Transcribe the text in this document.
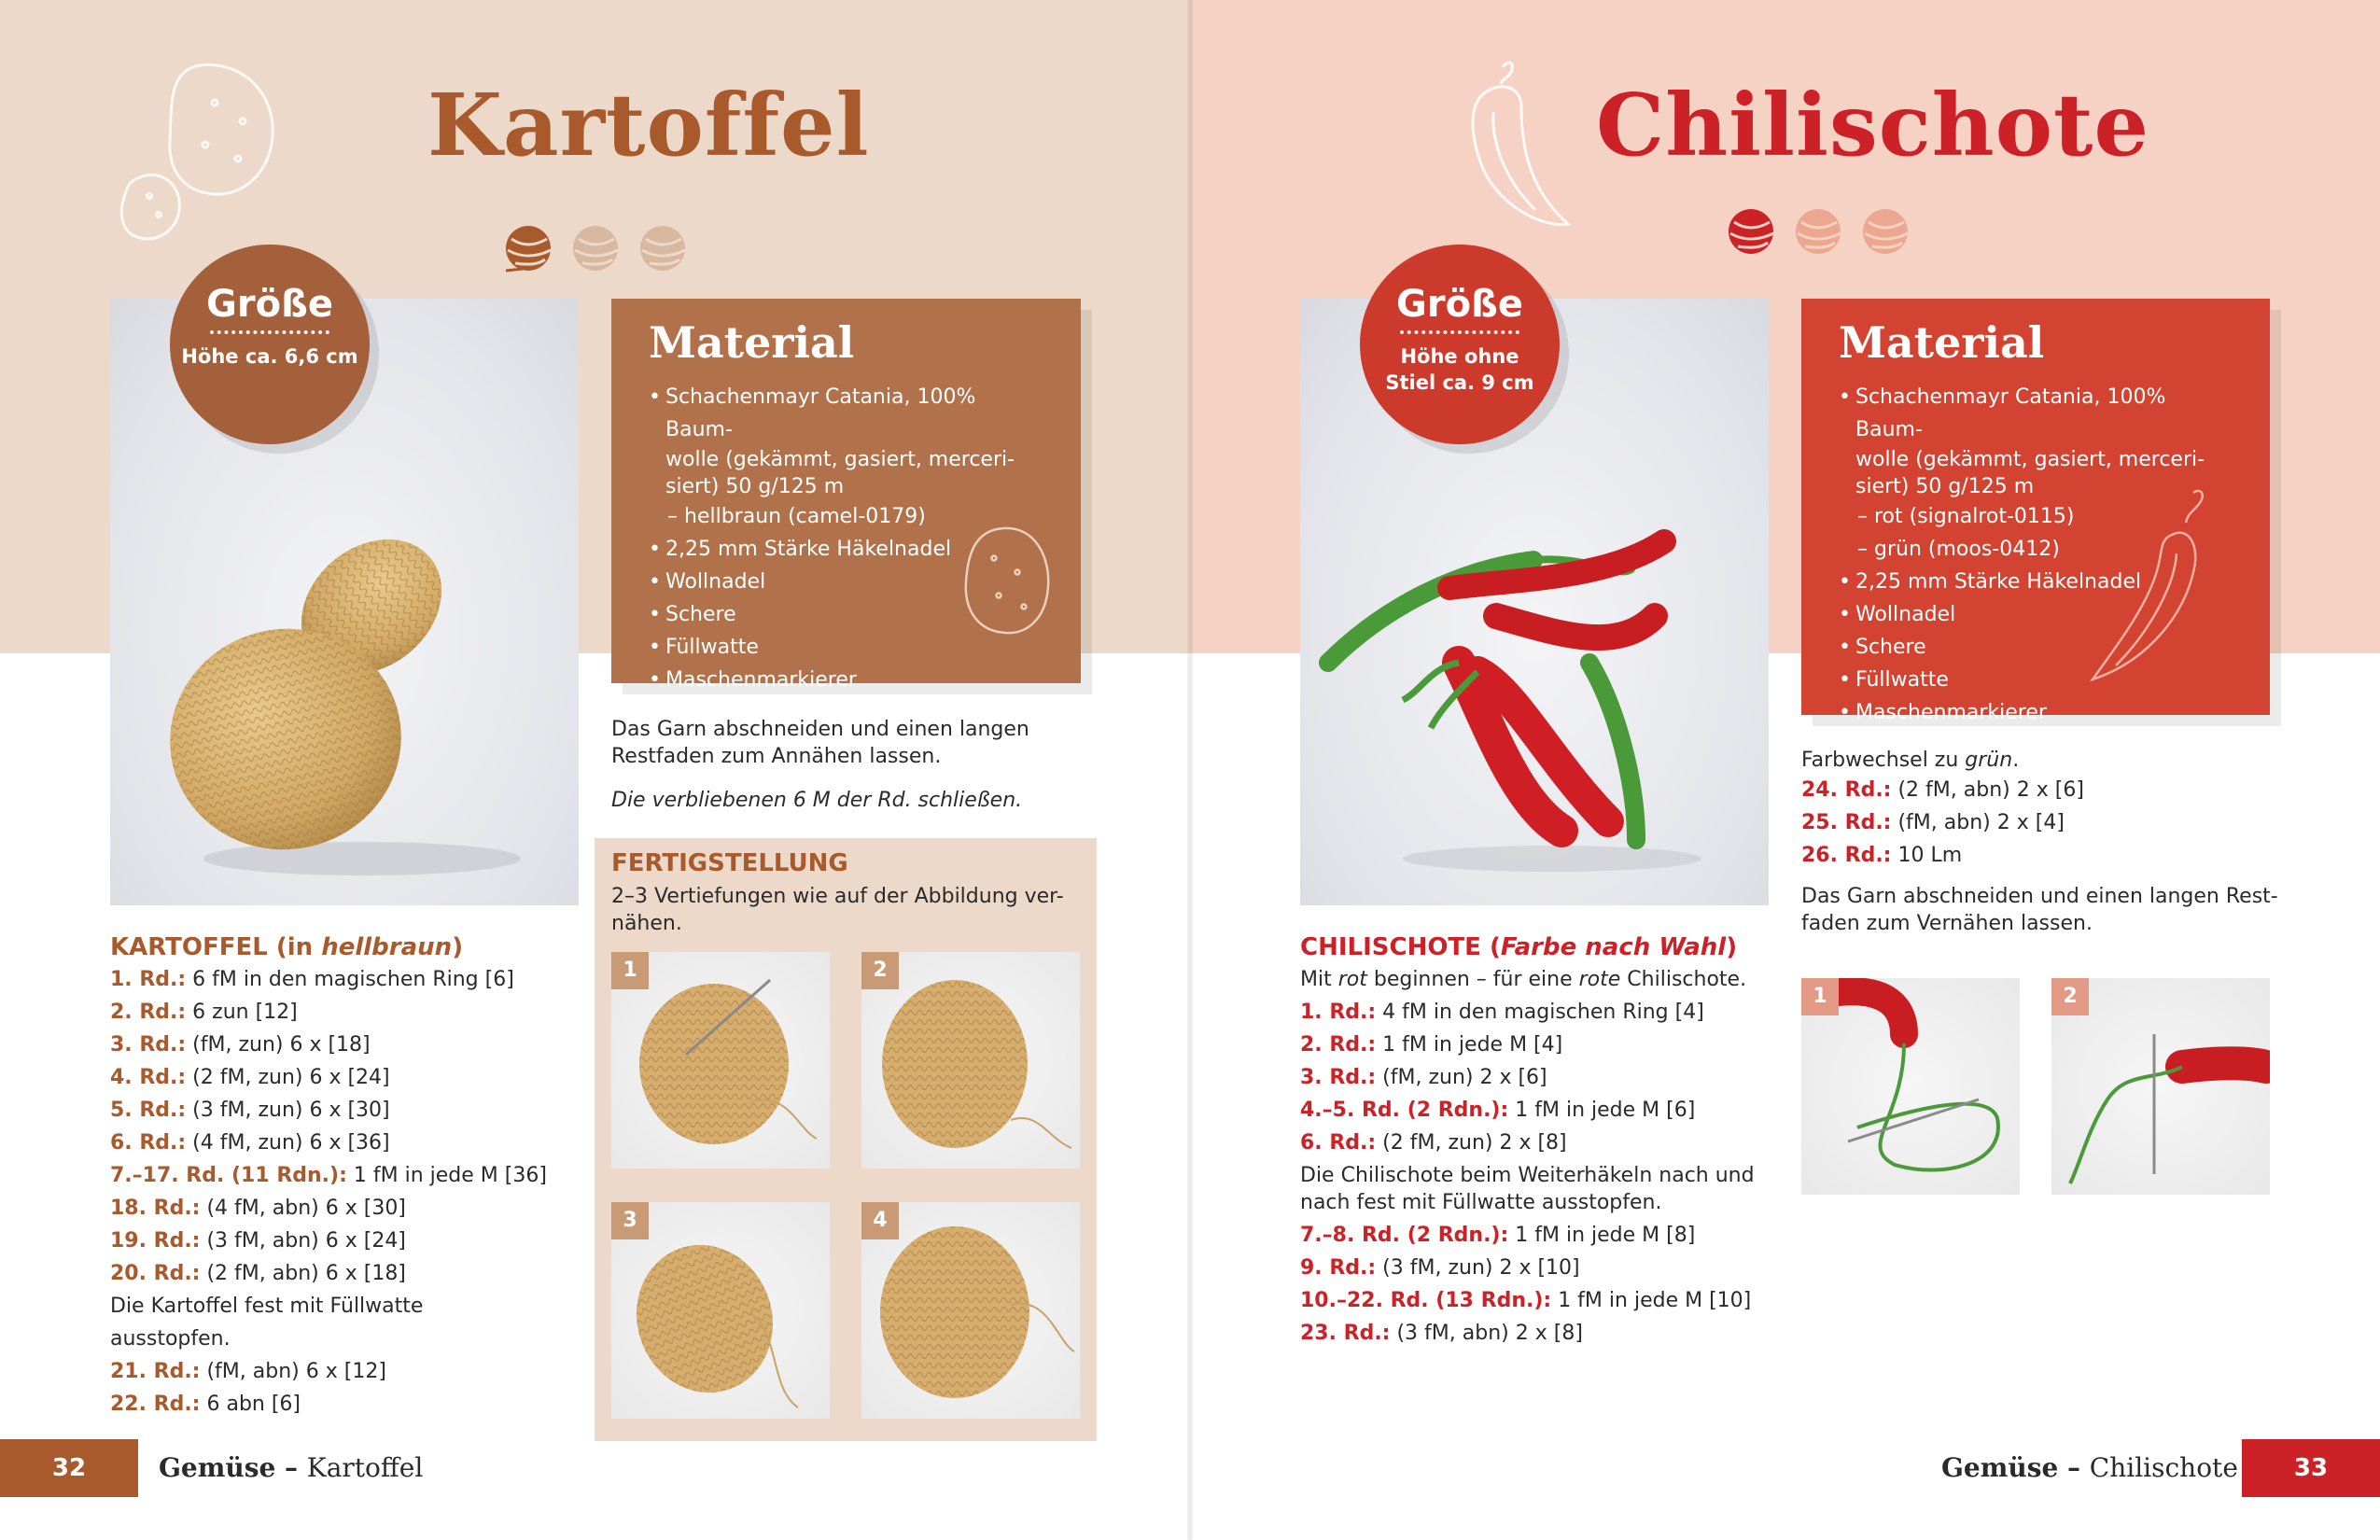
Kartoffel
Größe
Höhe ca. 6,6 cm	Material
• Schachenmayr Catania, 100% Baum-
wolle (gekämmt, gasiert, merceri-
siert) 50 g/125 m
– hellbraun (camel-0179)
• 2,25 mm Stärke Häkelnadel
• Wollnadel
• Schere
• Füllwatte
• Maschenmarkierer
Das Garn abschneiden und einen langen
Restfaden zum Annähen lassen.
Die verbliebenen 6 M der Rd. schließen.
FERTIGSTELLUNG
2–3 Vertiefungen wie auf der Abbildung ver-
nähen.
1	2
3	4
KARTOFFEL (in hellbraun)
1. Rd.: 6 fM in den magischen Ring [6]
2. Rd.: 6 zun [12]
3. Rd.: (fM, zun) 6 x [18]
4. Rd.: (2 fM, zun) 6 x [24]
5. Rd.: (3 fM, zun) 6 x [30]
6. Rd.: (4 fM, zun) 6 x [36]
7.–17. Rd. (11 Rdn.): 1 fM in jede M [36]
18. Rd.: (4 fM, abn) 6 x [30]
19. Rd.: (3 fM, abn) 6 x [24]
20. Rd.: (2 fM, abn) 6 x [18]
Die Kartoffel fest mit Füllwatte
ausstopfen.
21. Rd.: (fM, abn) 6 x [12]
22. Rd.: 6 abn [6]
32	Gemüse – Kartoffel
Chilischote
Größe
Höhe ohne
Stiel ca. 9 cm
Material
• Schachenmayr Catania, 100% Baum-
wolle (gekämmt, gasiert, merceri-
siert) 50 g/125 m
– rot (signalrot-0115)
– grün (moos-0412)
• 2,25 mm Stärke Häkelnadel
• Wollnadel
• Schere
• Füllwatte
• Maschenmarkierer
Farbwechsel zu grün.
24. Rd.: (2 fM, abn) 2 x [6]
25. Rd.: (fM, abn) 2 x [4]
26. Rd.: 10 Lm
Das Garn abschneiden und einen langen Rest-
faden zum Vernähen lassen.
1	2
CHILISCHOTE (Farbe nach Wahl)
Mit rot beginnen – für eine rote Chilischote.
1. Rd.: 4 fM in den magischen Ring [4]
2. Rd.: 1 fM in jede M [4]
3. Rd.: (fM, zun) 2 x [6]
4.–5. Rd. (2 Rdn.): 1 fM in jede M [6]
6. Rd.: (2 fM, zun) 2 x [8]
Die Chilischote beim Weiterhäkeln nach und
nach fest mit Füllwatte ausstopfen.
7.–8. Rd. (2 Rdn.): 1 fM in jede M [8]
9. Rd.: (3 fM, zun) 2 x [10]
10.–22. Rd. (13 Rdn.): 1 fM in jede M [10]
23. Rd.: (3 fM, abn) 2 x [8]
Gemüse – Chilischote	33
